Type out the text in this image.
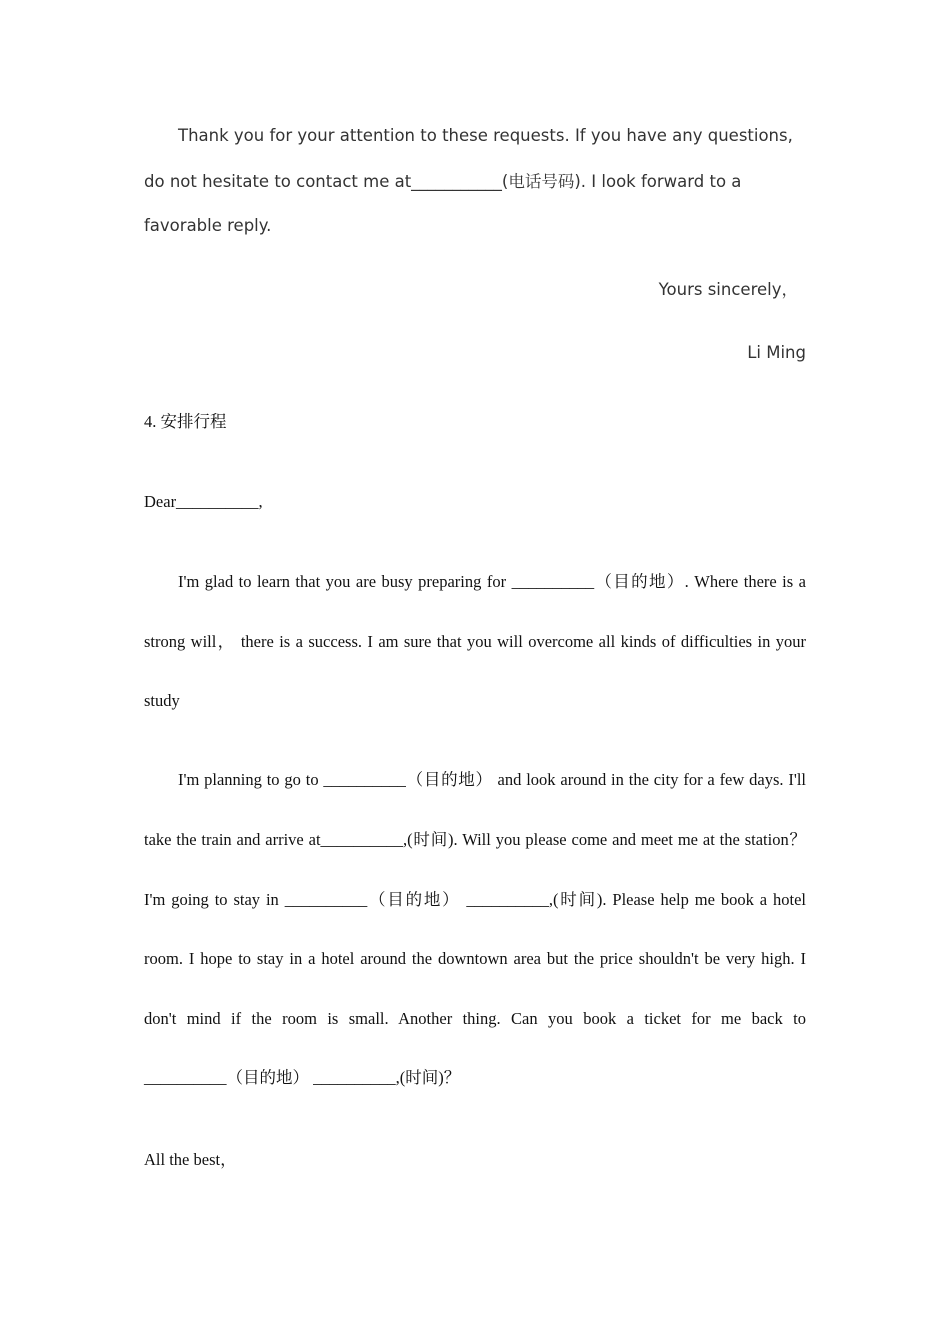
Thank you for your attention to these requests. If you have any questions,
do not hesitate to contact me at___________(电话号码). I look forward to a
favorable reply.
Yours sincerely，
Li Ming
4. 安排行程
Dear__________,
I'm glad to learn that you are busy preparing for __________（目的地）. Where there is a
strong will， there is a success. I am sure that you will overcome all kinds of difficulties in your
study
I'm planning to go to __________（目的地） and look around in the city for a few days. I'll
take the train and arrive at__________,(时间). Will you please come and meet me at the station？
I'm going to stay in __________（目的地） __________,(时间). Please help me book a hotel
room. I hope to stay in a hotel around the downtown area but the price shouldn't be very high. I
don't mind if the room is small. Another thing. Can you book a ticket for me back to
__________（目的地） __________,(时间)？
All the best，
